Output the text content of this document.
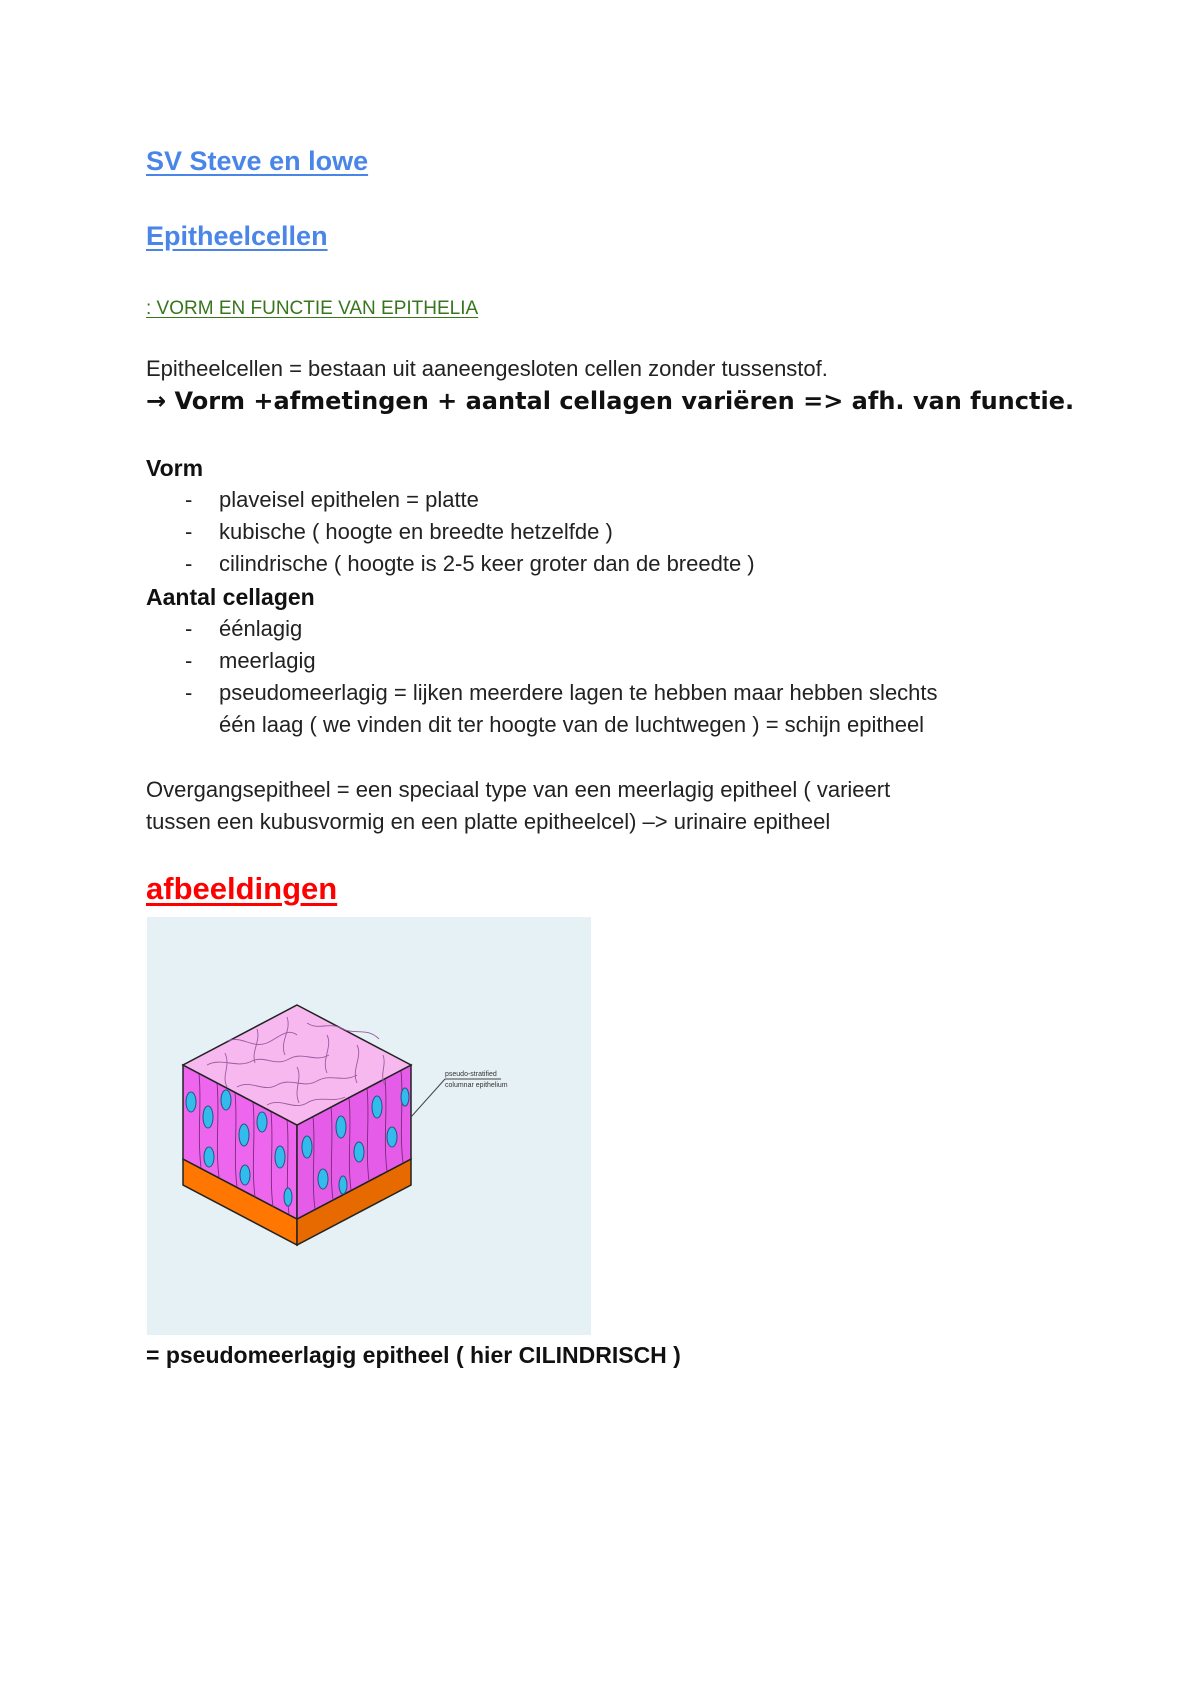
SV Steve en lowe
Epitheelcellen
: VORM EN FUNCTIE VAN EPITHELIA
Epitheelcellen = bestaan uit aaneengesloten cellen zonder tussenstof.
→ Vorm +afmetingen + aantal cellagen variëren => afh. van functie.
Vorm
- plaveisel epithelen = platte
- kubische ( hoogte en breedte hetzelfde )
- cilindrische ( hoogte is 2-5 keer groter dan de breedte )
Aantal cellagen
- éénlagig
- meerlagig
- pseudomeerlagig = lijken meerdere lagen te hebben maar hebben slechts
één laag ( we vinden dit ter hoogte van de luchtwegen ) = schijn epitheel
Overgangsepitheel = een speciaal type van een meerlagig epitheel ( varieert
tussen een kubusvormig en een platte epitheelcel) –> urinaire epitheel
afbeeldingen
pseudo-stratified
columnar epithelium
= pseudomeerlagig epitheel ( hier CILINDRISCH )
